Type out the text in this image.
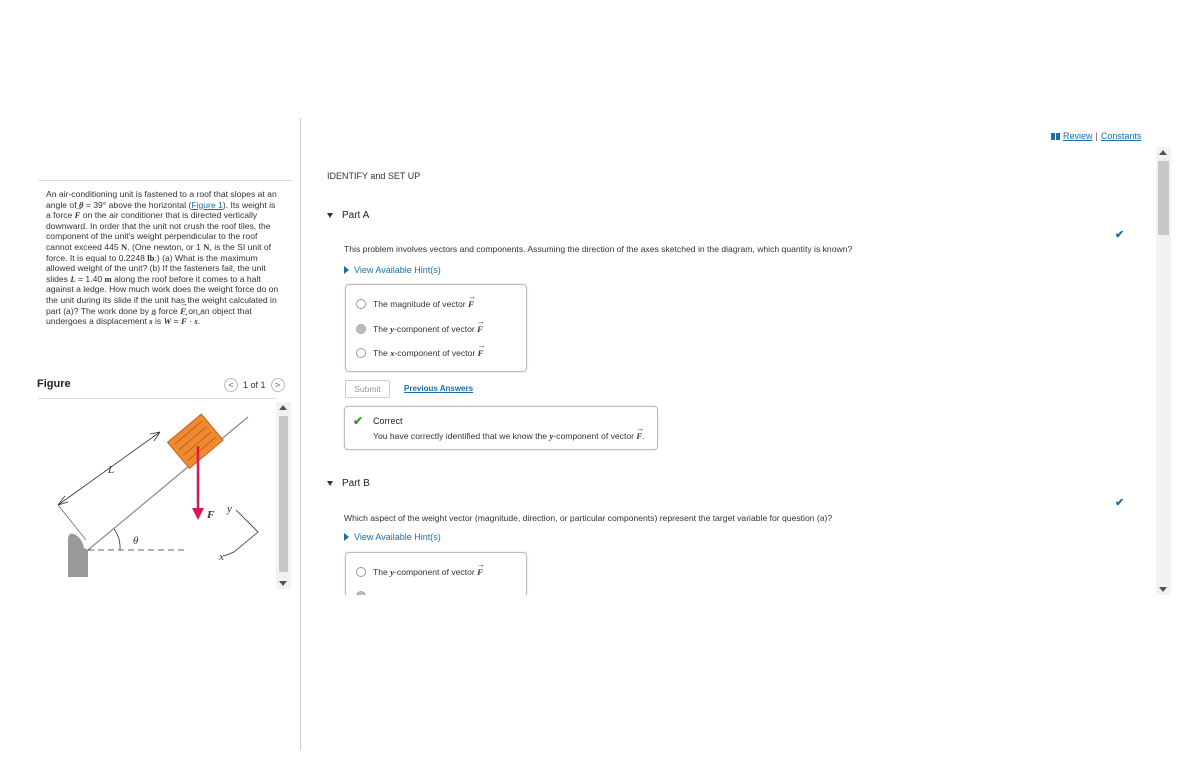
Review | Constants
An air-conditioning unit is fastened to a roof that slopes at an angle of θ = 39° above the horizontal (Figure 1). Its weight is a force → F on the air conditioner that is directed vertically downward. In order that the unit not crush the roof tiles, the component of the unit's weight perpendicular to the roof cannot exceed 445 N. (One newton, or 1 N, is the SI unit of force. It is equal to 0.2248 lb.) (a) What is the maximum allowed weight of the unit? (b) If the fasteners fail, the unit slides L = 1.40 m along the roof before it comes to a halt against a ledge. How much work does the weight force do on the unit during its slide if the unit has the weight calculated in part (a)? The work done by a force → F on an object that undergoes a displacement → s is W = → F · → s.
Figure	<	1 of 1	>
L
θ
F y
x
IDENTIFY and SET UP
Part A
✔
This problem involves vectors and components. Assuming the direction of the axes sketched in the diagram, which quantity is known?
View Available Hint(s)
The magnitude of vector → F
The y-component of vector → F
The x-component of vector → F
Submit	Previous Answers
✔ Correct
You have correctly identified that we know the y-component of vector → F.
Part B
✔
Which aspect of the weight vector (magnitude, direction, or particular components) represent the target variable for question (a)?
View Available Hint(s)
The y-component of vector → F
